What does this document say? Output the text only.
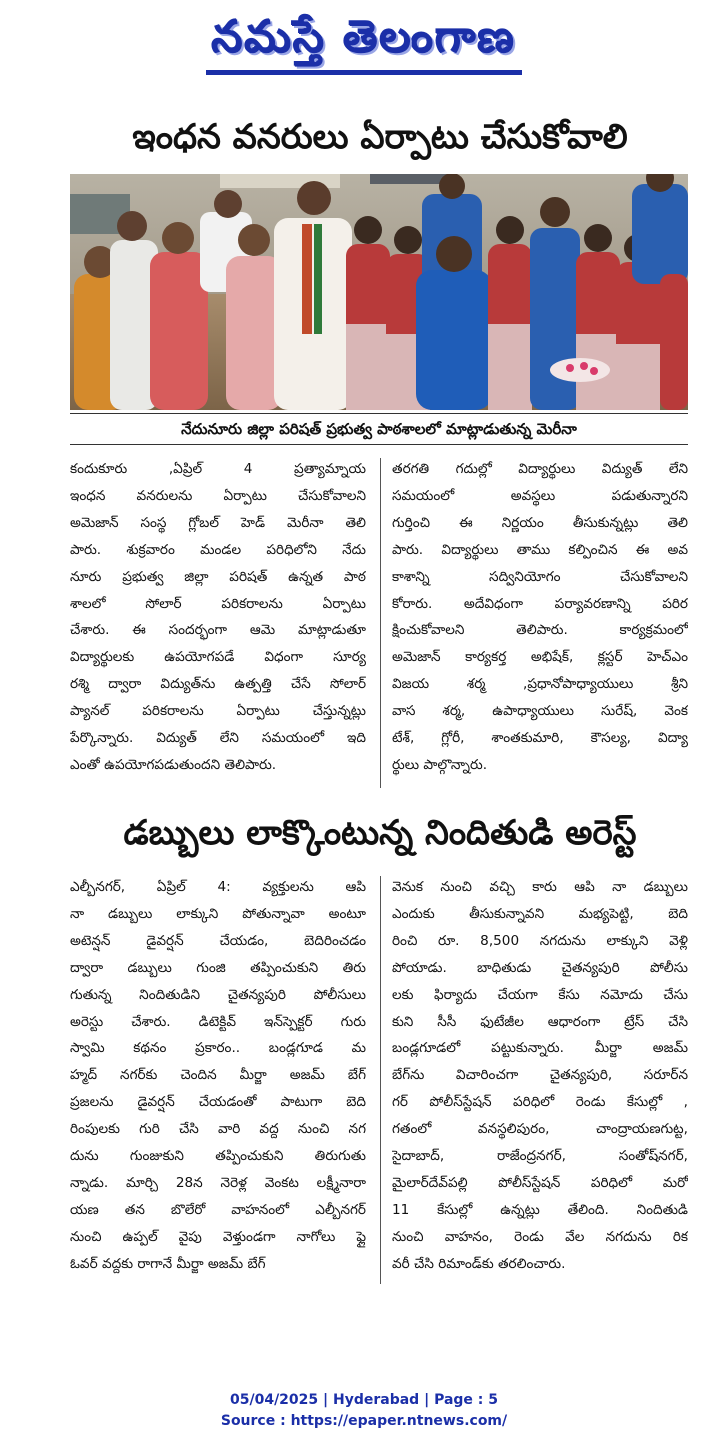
నమస్తే తెలంగాణ
ఇంధన వనరులు ఏర్పాటు చేసుకోవాలి
నేదునూరు జిల్లా పరిషత్ ప్రభుత్వ పాఠశాలలో మాట్లాడుతున్న మెరీనా
కందుకూరు ,ఏప్రిల్ 4 ప్రత్యామ్నాయ
ఇంధన వనరులను ఏర్పాటు చేసుకోవాలని
అమెజాన్ సంస్థ గ్లోబల్ హెడ్ మెరీనా తెలి
పారు. శుక్రవారం మండల పరిధిలోని నేదు
నూరు ప్రభుత్వ జిల్లా పరిషత్ ఉన్నత పాఠ
శాలలో సోలార్ పరికరాలను ఏర్పాటు
చేశారు. ఈ సందర్భంగా ఆమె మాట్లాడుతూ
విద్యార్థులకు ఉపయోగపడే విధంగా సూర్య
రశ్మి ద్వారా విద్యుత్‌ను ఉత్పత్తి చేసే సోలార్
ప్యానల్ పరికరాలను ఏర్పాటు చేస్తున్నట్లు
పేర్కొన్నారు. విద్యుత్ లేని సమయంలో ఇది
ఎంతో ఉపయోగపడుతుందని తెలిపారు.
తరగతి గదుల్లో విద్యార్థులు విద్యుత్ లేని
సమయంలో అవస్థలు పడుతున్నారని
గుర్తించి ఈ నిర్ణయం తీసుకున్నట్లు తెలి
పారు. విద్యార్థులు తాము కల్పించిన ఈ అవ
కాశాన్ని సద్వినియోగం చేసుకోవాలని
కోరారు. అదేవిధంగా పర్యావరణాన్ని పరిర
క్షించుకోవాలని తెలిపారు. కార్యక్రమంలో
అమెజాన్ కార్యకర్త అభిషేక్, క్లస్టర్ హెచ్‌ఎం
విజయ శర్మ ,ప్రధానోపాధ్యాయులు శ్రీని
వాస శర్మ, ఉపాధ్యాయులు సురేష్, వెంక
టేశ్, గ్లోరీ, శాంతకుమారి, కౌసల్య, విద్యా
ర్థులు పాల్గొన్నారు.
డబ్బులు లాక్కొంటున్న నిందితుడి అరెస్ట్
ఎల్బీనగర్, ఏప్రిల్ 4: వ్యక్తులను ఆపి
నా డబ్బులు లాక్కుని పోతున్నావా అంటూ
అటెన్షన్ డైవర్షన్ చేయడం, బెదిరించడం
ద్వారా డబ్బులు గుంజి తప్పించుకుని తిరు
గుతున్న నిందితుడిని చైతన్యపురి పోలీసులు
అరెస్టు చేశారు. డిటెక్టివ్ ఇన్‌స్పెక్టర్ గురు
స్వామి కథనం ప్రకారం.. బండ్లగూడ మ
హ్మద్ నగర్‌కు చెందిన మీర్జా అజమ్ బేగ్
ప్రజలను డైవర్షన్ చేయడంతో పాటుగా బెది
రింపులకు గురి చేసి వారి వద్ద నుంచి నగ
దును గుంజుకుని తప్పించుకుని తిరుగుతు
న్నాడు. మార్చి 28న నెరెళ్ల వెంకట లక్ష్మీనారా
యణ తన బొలేరో వాహనంలో ఎల్బీనగర్
నుంచి ఉప్పల్ వైపు వెళ్తుండగా నాగోలు ఫ్లై
ఓవర్ వద్దకు రాగానే మీర్జా అజమ్ బేగ్
వెనుక నుంచి వచ్చి కారు ఆపి నా డబ్బులు
ఎందుకు తీసుకున్నావని మభ్యపెట్టి, బెది
రించి రూ. 8,500 నగదును లాక్కుని వెళ్లి
పోయాడు. బాధితుడు చైతన్యపురి పోలీసు
లకు ఫిర్యాదు చేయగా కేసు నమోదు చేసు
కుని సీసీ ఫుటేజీల ఆధారంగా ట్రేస్ చేసి
బండ్లగూడలో పట్టుకున్నారు. మీర్జా అజమ్
బేగ్‌ను విచారించగా చైతన్యపురి, సరూర్‌న
గర్ పోలీస్‌స్టేషన్ పరిధిలో రెండు కేసుల్లో ,
గతంలో వనస్థలిపురం, చాంద్రాయణగుట్ట,
సైదాబాద్, రాజేంద్రనగర్, సంతోష్‌నగర్,
మైలార్‌దేవ్‌పల్లి పోలీస్‌స్టేషన్ పరిధిలో మరో
11 కేసుల్లో ఉన్నట్లు తేలింది. నిందితుడి
నుంచి వాహనం, రెండు వేల నగదును రిక
వరీ చేసి రిమాండ్‌కు తరలించారు.
05/04/2025 | Hyderabad | Page : 5
Source : https://epaper.ntnews.com/
